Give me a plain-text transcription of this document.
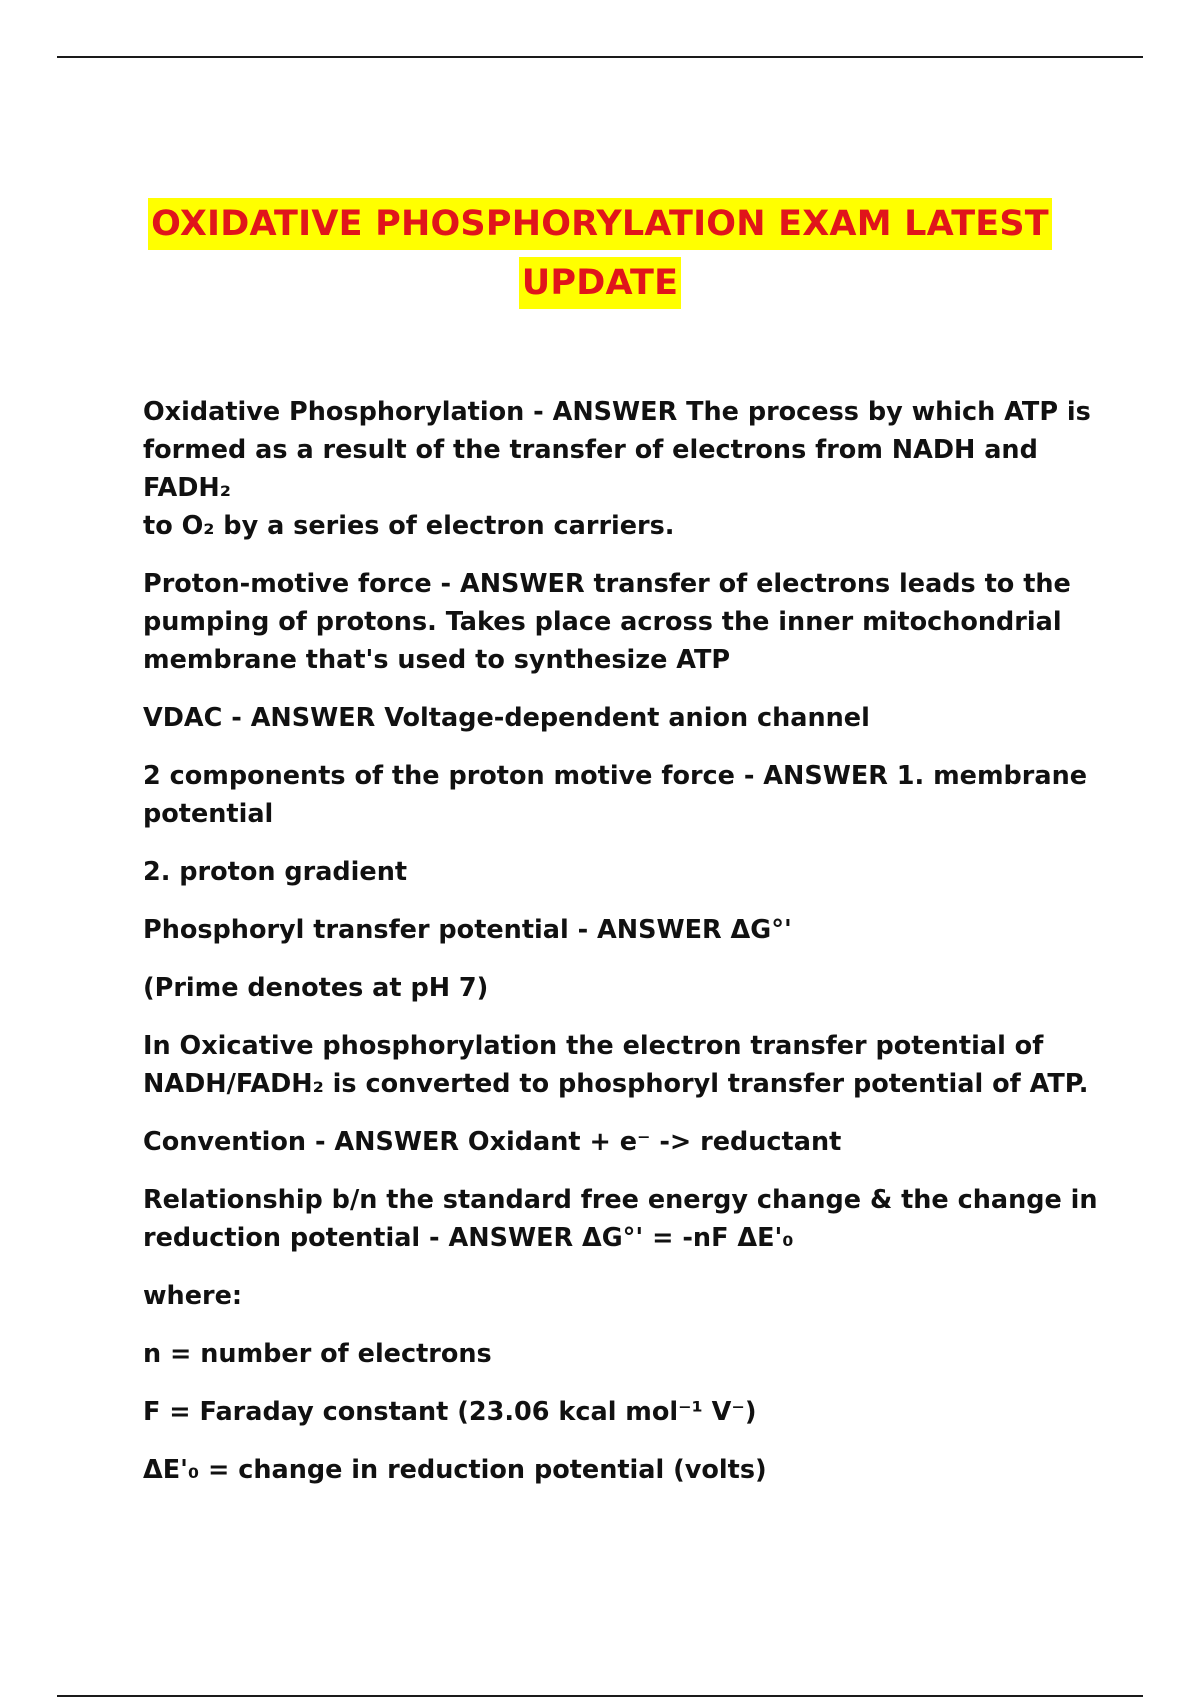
OXIDATIVE PHOSPHORYLATION EXAM LATEST
UPDATE

Oxidative Phosphorylation - ANSWER The process by which ATP is
formed as a result of the transfer of electrons from NADH and FADH₂
to O₂ by a series of electron carriers.

Proton-motive force - ANSWER transfer of electrons leads to the
pumping of protons. Takes place across the inner mitochondrial
membrane that's used to synthesize ATP

VDAC - ANSWER Voltage-dependent anion channel

2 components of the proton motive force - ANSWER 1. membrane
potential

2. proton gradient

Phosphoryl transfer potential - ANSWER ΔG°'

(Prime denotes at pH 7)

In Oxicative phosphorylation the electron transfer potential of
NADH/FADH₂ is converted to phosphoryl transfer potential of ATP.

Convention - ANSWER Oxidant + e⁻ -> reductant

Relationship b/n the standard free energy change & the change in
reduction potential - ANSWER ΔG°' = -nF ΔE'₀

where:

n = number of electrons

F = Faraday constant (23.06 kcal mol⁻¹ V⁻)

ΔE'₀ = change in reduction potential (volts)
